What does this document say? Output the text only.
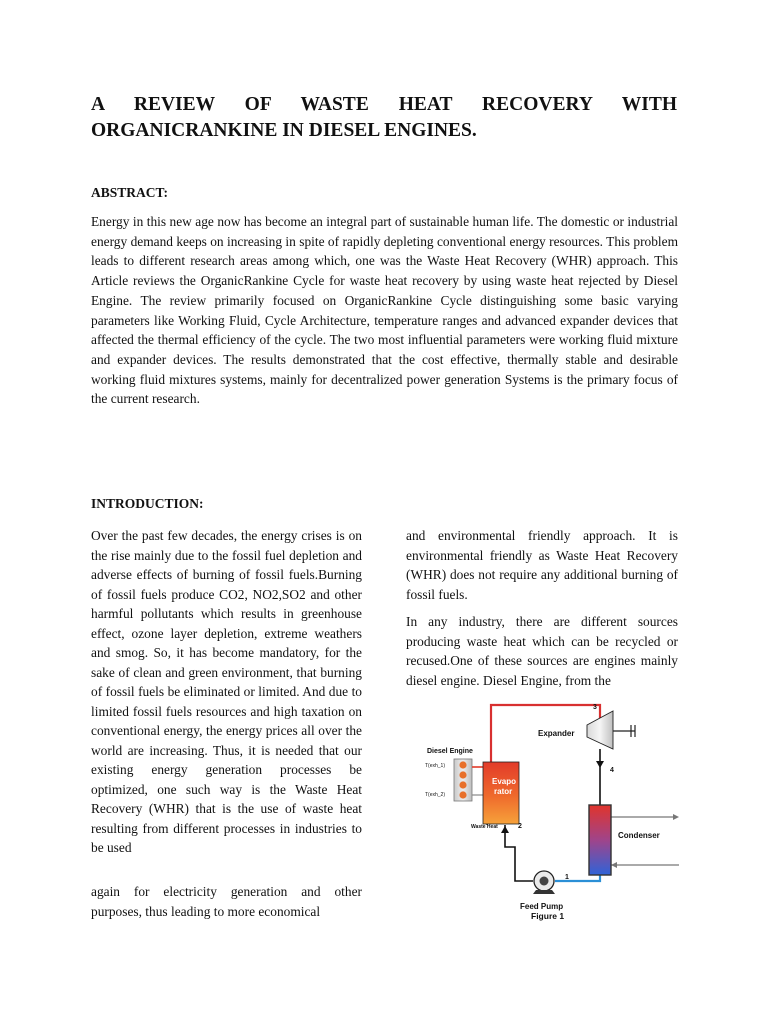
A REVIEW OF WASTE HEAT RECOVERY WITH
ORGANICRANKINE IN DIESEL ENGINES.
ABSTRACT:

Energy in this new age now has become an integral part of sustainable human life. The domestic or industrial energy demand keeps on increasing in spite of rapidly depleting conventional energy resources. This problem leads to different research areas among which, one was the Waste Heat Recovery (WHR) approach. This Article reviews the OrganicRankine Cycle for waste heat recovery by using waste heat rejected by Diesel Engine. The review primarily focused on OrganicRankine Cycle distinguishing some basic varying parameters like Working Fluid, Cycle Architecture, temperature ranges and advanced expander devices that affected the thermal efficiency of the cycle. The two most influential parameters were working fluid mixture and expander devices. The results demonstrated that the cost effective, thermally stable and desirable working fluid mixtures systems, mainly for decentralized power generation Systems is the primary focus of the current research.

INTRODUCTION:

Over the past few decades, the energy crises is on the rise mainly due to the fossil fuel depletion and adverse effects of burning of fossil fuels.Burning of fossil fuels produce CO2, NO2,SO2 and other harmful pollutants which results in greenhouse effect, ozone layer depletion, extreme weathers and smog. So, it has become mandatory, for the sake of clean and green environment, that burning of fossil fuels be eliminated or limited. And due to limited fossil fuels resources and high taxation on conventional energy, the energy prices all over the world are increasing. Thus, it is needed that our existing energy generation processes be optimized, one such way is the Waste Heat Recovery (WHR) that is the use of waste heat resulting from different processes in industries to be used

again for electricity generation and other purposes, thus leading to more economical

and environmental friendly approach. It is environmental friendly as Waste Heat Recovery (WHR) does not require any additional burning of fossil fuels.

In any industry, there are different sources producing waste heat which can be recycled or recused.One of these sources are engines mainly diesel engine. Diesel Engine, from the

Diesel Engine
T(exh_1)
T(exh_2)
Evapo
rator
Waste Heat
Expander
Condenser
Feed Pump
Figure 1
1
2
3
4
